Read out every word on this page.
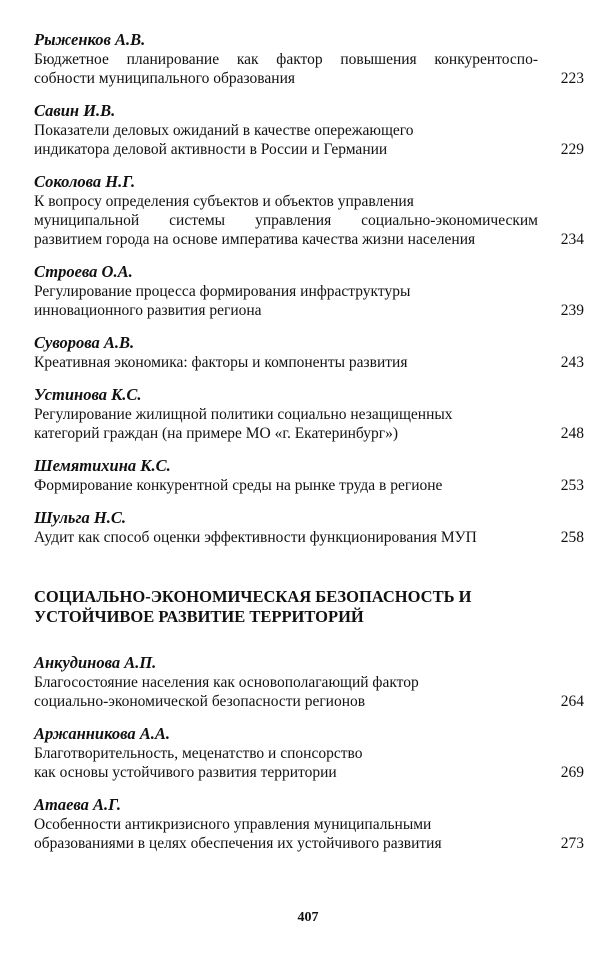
Рыженков А.В.
Бюджетное планирование как фактор повышения конкурентоспо-
собности муниципального образования	223
Савин И.В.
Показатели деловых ожиданий в качестве опережающего
индикатора деловой активности в России и Германии	229
Соколова Н.Г.
К вопросу определения субъектов и объектов управления
муниципальной системы управления социально-экономическим
развитием города на основе императива качества жизни населения	234
Строева О.А.
Регулирование процесса формирования инфраструктуры
инновационного развития региона	239
Суворова А.В.
Креативная экономика: факторы и компоненты развития	243
Устинова К.С.
Регулирование жилищной политики социально незащищенных
категорий граждан (на примере МО «г. Екатеринбург»)	248
Шемятихина К.С.
Формирование конкурентной среды на рынке труда в регионе	253
Шульга Н.С.
Аудит как способ оценки эффективности функционирования МУП	258
СОЦИАЛЬНО-ЭКОНОМИЧЕСКАЯ БЕЗОПАСНОСТЬ И
УСТОЙЧИВОЕ РАЗВИТИЕ ТЕРРИТОРИЙ
Анкудинова А.П.
Благосостояние населения как основополагающий фактор
социально-экономической безопасности регионов	264
Аржанникова А.А.
Благотворительность, меценатство и спонсорство
как основы устойчивого развития территории	269
Атаева А.Г.
Особенности антикризисного управления муниципальными
образованиями в целях обеспечения их устойчивого развития	273
407
